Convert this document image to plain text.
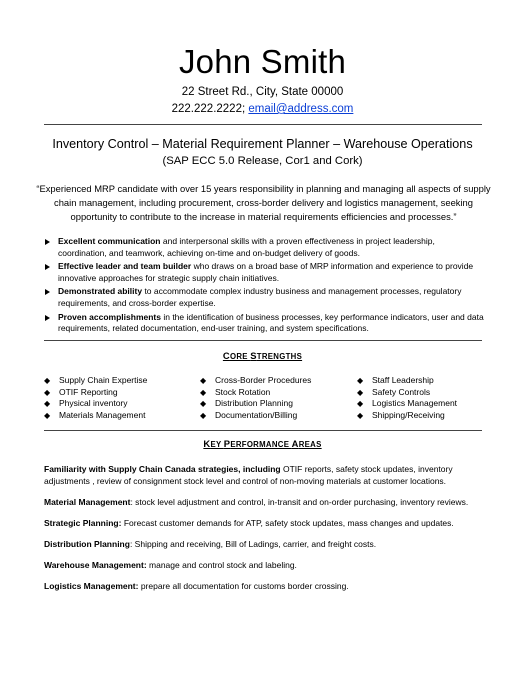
John Smith
22 Street Rd., City, State 00000
222.222.2222; email@address.com
Inventory Control – Material Requirement Planner – Warehouse Operations
(SAP ECC 5.0 Release, Cor1 and Cork)
“Experienced MRP candidate with over 15 years responsibility in planning and managing all aspects of supply chain management, including procurement, cross-border delivery and logistics management, seeking opportunity to contribute to the increase in material requirements efficiencies and processes.”
Excellent communication and interpersonal skills with a proven effectiveness in project leadership, coordination, and teamwork, achieving on-time and on-budget delivery of goods.
Effective leader and team builder who draws on a broad base of MRP information and experience to provide innovative approaches for strategic supply chain initiatives.
Demonstrated ability to accommodate complex industry business and management processes, regulatory requirements, and cross-border expertise.
Proven accomplishments in the identification of business processes, key performance indicators, user and data requirements, related documentation, end-user training, and system specifications.
CORE STRENGTHS
◆ Supply Chain Expertise
◆ OTIF Reporting
◆ Physical inventory
◆ Materials Management
◆ Cross-Border Procedures
◆ Stock Rotation
◆ Distribution Planning
◆ Documentation/Billing
◆ Staff Leadership
◆ Safety Controls
◆ Logistics Management
◆ Shipping/Receiving
KEY PERFORMANCE AREAS
Familiarity with Supply Chain Canada strategies, including OTIF reports, safety stock updates, inventory adjustments , review of consignment stock level and control of non-moving materials at customer locations.
Material Management: stock level adjustment and control, in-transit and on-order purchasing, inventory reviews.
Strategic Planning: Forecast customer demands for ATP, safety stock updates, mass changes and updates.
Distribution Planning: Shipping and receiving, Bill of Ladings, carrier, and freight costs.
Warehouse Management: manage and control stock and labeling.
Logistics Management: prepare all documentation for customs border crossing.
